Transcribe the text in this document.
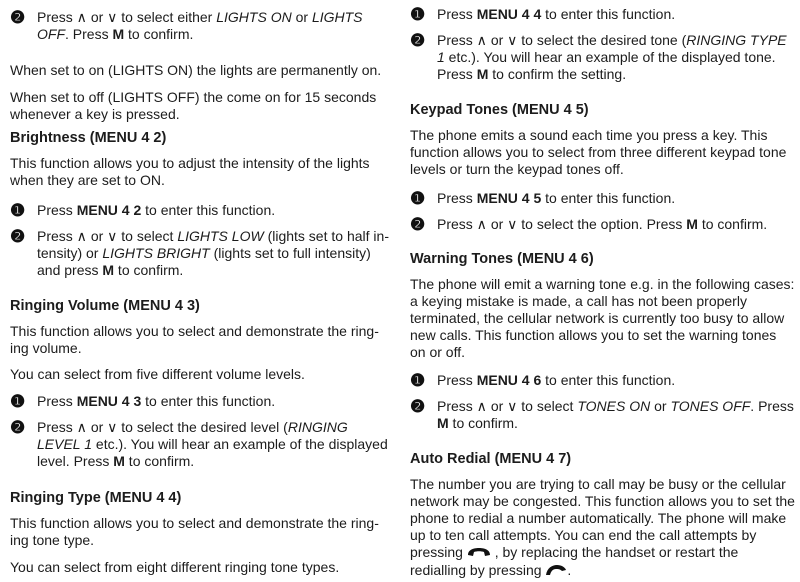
❷ Press ∧ or ∨ to select either LIGHTS ON or LIGHTS OFF. Press M to confirm.
When set to on (LIGHTS ON) the lights are permanently on.
When set to off (LIGHTS OFF) the come on for 15 seconds whenever a key is pressed.
Brightness (MENU 4 2)
This function allows you to adjust the intensity of the lights when they are set to ON.
❶ Press MENU 4 2 to enter this function.
❷ Press ∧ or ∨ to select LIGHTS LOW (lights set to half intensity) or LIGHTS BRIGHT (lights set to full intensity) and press M to confirm.
Ringing Volume (MENU 4 3)
This function allows you to select and demonstrate the ringing volume.
You can select from five different volume levels.
❶ Press MENU 4 3 to enter this function.
❷ Press ∧ or ∨ to select the desired level (RINGING LEVEL 1 etc.). You will hear an example of the displayed level. Press M to confirm.
Ringing Type (MENU 4 4)
This function allows you to select and demonstrate the ringing tone type.
You can select from eight different ringing tone types.
❶ Press MENU 4 4 to enter this function.
❷ Press ∧ or ∨ to select the desired tone (RINGING TYPE 1 etc.). You will hear an example of the displayed tone. Press M to confirm the setting.
Keypad Tones (MENU 4 5)
The phone emits a sound each time you press a key. This function allows you to select from three different keypad tone levels or turn the keypad tones off.
❶ Press MENU 4 5 to enter this function.
❷ Press ∧ or ∨ to select the option. Press M to confirm.
Warning Tones (MENU 4 6)
The phone will emit a warning tone e.g. in the following cases: a keying mistake is made, a call has not been properly terminated, the cellular network is currently too busy to allow new calls. This function allows you to set the warning tones on or off.
❶ Press MENU 4 6 to enter this function.
❷ Press ∧ or ∨ to select TONES ON or TONES OFF. Press M to confirm.
Auto Redial (MENU 4 7)
The number you are trying to call may be busy or the cellular network may be congested. This function allows you to set the phone to redial a number automatically. The phone will make up to ten call attempts. You can end the call attempts by pressing  , by replacing the handset or restart the redialling by pressing .
